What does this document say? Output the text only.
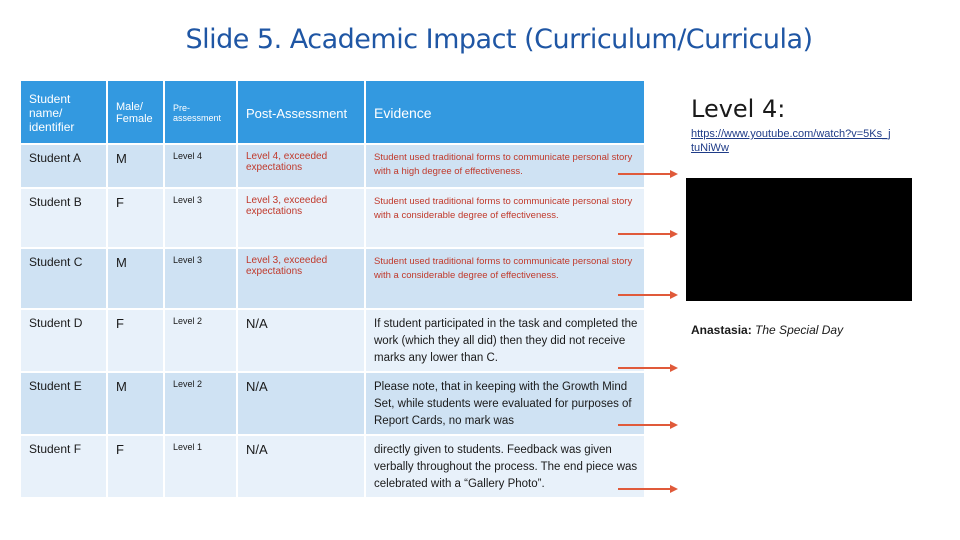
Slide 5. Academic Impact (Curriculum/Curricula)
Student name/ identifier	Male/ Female	Pre-assessment	Post-Assessment	Evidence
Student A	M	Level 4	Level 4, exceeded expectations	Student used traditional forms to communicate personal story with a high degree of effectiveness.
Student B	F	Level 3	Level 3, exceeded expectations	Student used traditional forms to communicate personal story with a considerable degree of effectiveness.
Student C	M	Level 3	Level 3, exceeded expectations	Student used traditional forms to communicate personal story with a considerable degree of effectiveness.
Student D	F	Level 2	N/A	If student participated in the task and completed the work (which they all did) then they did not receive marks any lower than C.
Student E	M	Level 2	N/A	Please note, that in keeping with the Growth Mind Set, while students were evaluated for purposes of Report Cards, no mark was
Student F	F	Level 1	N/A	directly given to students. Feedback was given verbally throughout the process. The end piece was celebrated with a “Gallery Photo”.
Level 4:
https://www.youtube.com/watch?v=5Ks_jtuNiWw
Anastasia: The Special Day
